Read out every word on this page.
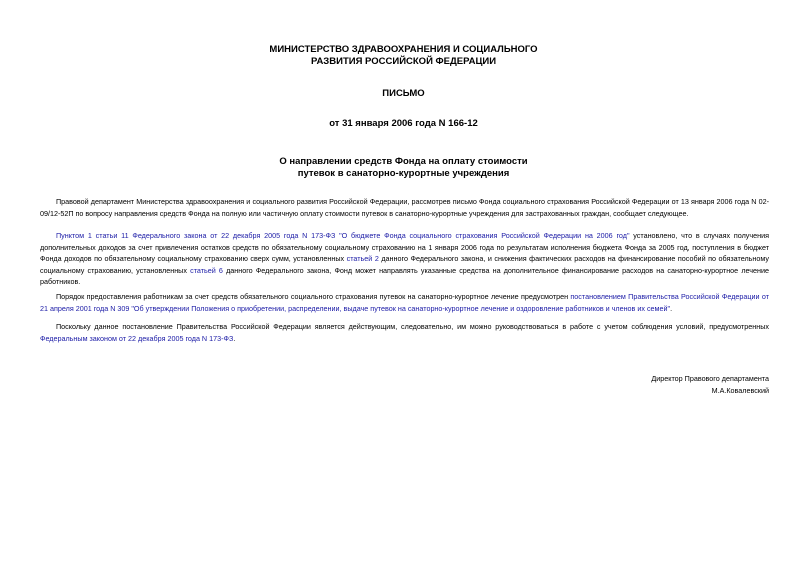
МИНИСТЕРСТВО ЗДРАВООХРАНЕНИЯ И СОЦИАЛЬНОГО
РАЗВИТИЯ РОССИЙСКОЙ ФЕДЕРАЦИИ
ПИСЬМО
от 31 января 2006 года N 166-12
О направлении средств Фонда на оплату стоимости
путевок в санаторно-курортные учреждения
Правовой департамент Министерства здравоохранения и социального развития Российской Федерации, рассмотрев письмо Фонда социального страхования Российской Федерации от 13 января 2006 года N 02-09/12-52П по вопросу направления средств Фонда на полную или частичную оплату стоимости путевок в санаторно-курортные учреждения для застрахованных граждан, сообщает следующее.
Пунктом 1 статьи 11 Федерального закона от 22 декабря 2005 года N 173-ФЗ "О бюджете Фонда социального страхования Российской Федерации на 2006 год" установлено, что в случаях получения дополнительных доходов за счет привлечения остатков средств по обязательному социальному страхованию на 1 января 2006 года по результатам исполнения бюджета Фонда за 2005 год, поступления в бюджет Фонда доходов по обязательному социальному страхованию сверх сумм, установленных статьей 2 данного Федерального закона, и снижения фактических расходов на финансирование пособий по обязательному социальному страхованию, установленных статьей 6 данного Федерального закона, Фонд может направлять указанные средства на дополнительное финансирование расходов на санаторно-курортное лечение работников.
Порядок предоставления работникам за счет средств обязательного социального страхования путевок на санаторно-курортное лечение предусмотрен постановлением Правительства Российской Федерации от 21 апреля 2001 года N 309 "Об утверждении Положения о приобретении, распределении, выдаче путевок на санаторно-курортное лечение и оздоровление работников и членов их семей".
Поскольку данное постановление Правительства Российской Федерации является действующим, следовательно, им можно руководствоваться в работе с учетом соблюдения условий, предусмотренных Федеральным законом от 22 декабря 2005 года N 173-ФЗ.
Директор Правового департамента
М.А.Ковалевский
